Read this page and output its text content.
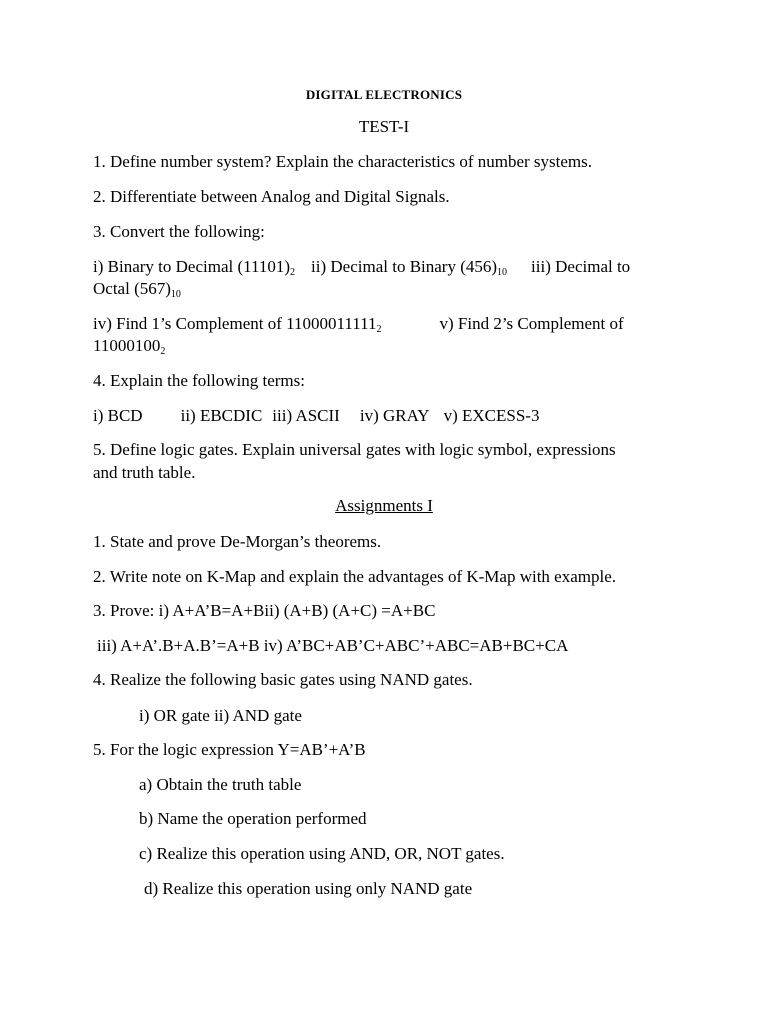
DIGITAL ELECTRONICS
TEST-I
1. Define number system? Explain the characteristics of number systems.
2. Differentiate between Analog and Digital Signals.
3. Convert the following:
i) Binary to Decimal $(11101)_2$ ii) Decimal to Binary $(456)_{10}$ iii) Decimal to
Octal $(567)_{10}$
iv) Find 1’s Complement of $11000011111_2$	v) Find 2’s Complement of
$11000100_2$
4. Explain the following terms:
i) BCD ii) EBCDIC iii) ASCII iv) GRAY v) EXCESS-3
5. Define logic gates. Explain universal gates with logic symbol, expressions
and truth table.
Assignments I
1. State and prove De-Morgan’s theorems.
2. Write note on K-Map and explain the advantages of K-Map with example.
3. Prove: i) A+A’B=A+Bii) (A+B) (A+C) =A+BC
iii) A+A’.B+A.B’=A+B iv) A’BC+AB’C+ABC’+ABC=AB+BC+CA
4. Realize the following basic gates using NAND gates.
i) OR gate ii) AND gate
5. For the logic expression Y=AB’+A’B
a) Obtain the truth table
b) Name the operation performed
c) Realize this operation using AND, OR, NOT gates.
d) Realize this operation using only NAND gate
